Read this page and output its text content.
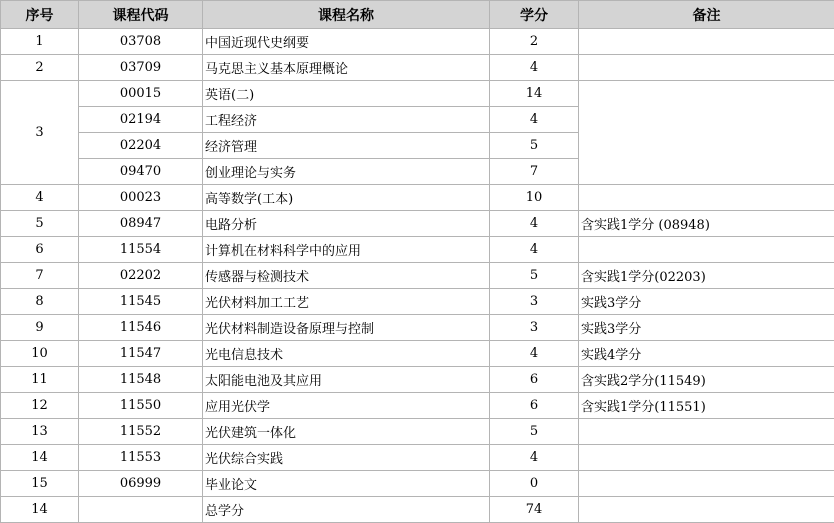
序号	课程代码	课程名称	学分	备注
1	03708	中国近现代史纲要	2	
2	03709	马克思主义基本原理概论	4	
3	00015	英语(二)	14	
	02194	工程经济	4	
	02204	经济管理	5	
	09470	创业理论与实务	7	
4	00023	高等数学(工本)	10	
5	08947	电路分析	4	含实践1学分 (08948)
6	11554	计算机在材料科学中的应用	4	
7	02202	传感器与检测技术	5	含实践1学分(02203)
8	11545	光伏材料加工工艺	3	实践3学分
9	11546	光伏材料制造设备原理与控制	3	实践3学分
10	11547	光电信息技术	4	实践4学分
11	11548	太阳能电池及其应用	6	含实践2学分(11549)
12	11550	应用光伏学	6	含实践1学分(11551)
13	11552	光伏建筑一体化	5	
14	11553	光伏综合实践	4	
15	06999	毕业论文	0	
14		总学分	74	
